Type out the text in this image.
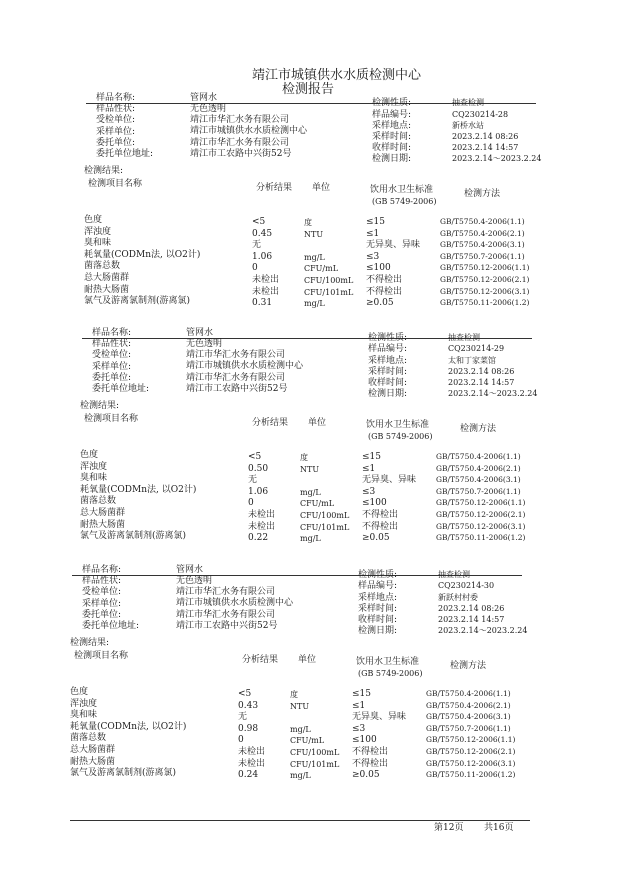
靖江市城镇供水水质检测中心
检测报告
样品名称:	管网水	检测性质:	抽查检测
样品性状:	无色透明
样品编号:	CQ230214-28
受检单位:	靖江市华汇水务有限公司
采样地点:	新桥水站
采样单位:	靖江市城镇供水水质检测中心
采样时间:	2023.2.14 08:26
委托单位:	靖江市华汇水务有限公司	收样时间:	2023.2.14 14:57
委托单位地址:	靖江市工农路中兴街52号	检测日期:	2023.2.14～2023.2.24
检测结果:
检测项目名称	分析结果 单位	饮用水卫生标准
(GB 5749-2006)
检测方法
色度	<5	度	≤15	GB/T5750.4-2006(1.1)
浑浊度	0.45	NTU	≤1	GB/T5750.4-2006(2.1)
臭和味	无	无异臭、异味	GB/T5750.4-2006(3.1)
耗氧量(CODMn法, 以O2计)	1.06	mg/L	≤3	GB/T5750.7-2006(1.1)
菌落总数	0	CFU/mL	≤100	GB/T5750.12-2006(1.1)
总大肠菌群	未检出	CFU/100mL 不得检出	GB/T5750.12-2006(2.1)
耐热大肠菌	未检出	CFU/101mL 不得检出	GB/T5750.12-2006(3.1)
氯气及游离氯制剂(游离氯)	0.31	mg/L	≥0.05	GB/T5750.11-2006(1.2)
样品名称:	管网水	检测性质:	抽查检测
样品性状:	无色透明	样品编号:	CQ230214-29
受检单位:	靖江市华汇水务有限公司
采样地点:	太和丁家菜馆
采样单位:	靖江市城镇供水水质检测中心
采样时间:	2023.2.14 08:26
委托单位:	靖江市华汇水务有限公司	收样时间:	2023.2.14 14:57
委托单位地址:	靖江市工农路中兴街52号	检测日期:	2023.2.14～2023.2.24
检测结果:
检测项目名称	分析结果 单位	饮用水卫生标准
(GB 5749-2006)
检测方法
色度	<5	度	≤15	GB/T5750.4-2006(1.1)
浑浊度	0.50	NTU	≤1	GB/T5750.4-2006(2.1)
臭和味	无	无异臭、异味	GB/T5750.4-2006(3.1)
耗氧量(CODMn法, 以O2计)	1.06	mg/L	≤3	GB/T5750.7-2006(1.1)
菌落总数	0	CFU/mL	≤100	GB/T5750.12-2006(1.1)
总大肠菌群	未检出	CFU/100mL 不得检出	GB/T5750.12-2006(2.1)
耐热大肠菌	未检出	CFU/101mL 不得检出	GB/T5750.12-2006(3.1)
氯气及游离氯制剂(游离氯)	0.22	mg/L	≥0.05	GB/T5750.11-2006(1.2)
样品名称:	管网水	检测性质:	抽查检测
样品性状:	无色透明	样品编号:	CQ230214-30
受检单位:	靖江市华汇水务有限公司
采样地点:	新跃村村委
采样单位:	靖江市城镇供水水质检测中心
采样时间:	2023.2.14 08:26
委托单位:	靖江市华汇水务有限公司	收样时间:	2023.2.14 14:57
委托单位地址:	靖江市工农路中兴街52号	检测日期:	2023.2.14～2023.2.24
检测结果:
检测项目名称	分析结果 单位	饮用水卫生标准
(GB 5749-2006)
检测方法
色度	<5	度	≤15	GB/T5750.4-2006(1.1)
浑浊度	0.43	NTU	≤1	GB/T5750.4-2006(2.1)
臭和味	无	无异臭、异味	GB/T5750.4-2006(3.1)
耗氧量(CODMn法, 以O2计)	0.98	mg/L	≤3	GB/T5750.7-2006(1.1)
菌落总数	0	CFU/mL	≤100	GB/T5750.12-2006(1.1)
总大肠菌群	未检出	CFU/100mL 不得检出	GB/T5750.12-2006(2.1)
耐热大肠菌	未检出	CFU/101mL 不得检出	GB/T5750.12-2006(3.1)
氯气及游离氯制剂(游离氯)	0.24	mg/L	≥0.05	GB/T5750.11-2006(1.2)
第12页 共16页
